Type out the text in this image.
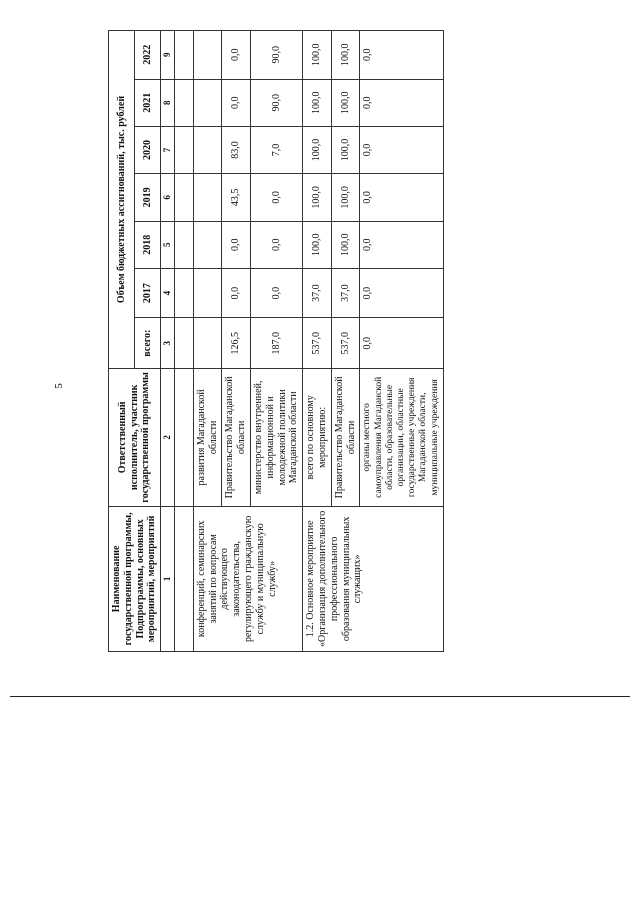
5
Наименование государственной программы, Подпрограммы, основных мероприятий, мероприятий	Ответственный исполнитель, участник государственной программы	Объем бюджетных ассигнований, тыс. рублей						
		всего:	2017	2018	2019	2020	2021	2022
1	2	3	4	5	6	7	8	9

конференций, семинарских занятий по вопросам действующего законодательства, регулирующего гражданскую службу и муниципальную службу»	развития Магаданской области							
	Правительство Магаданской области	126,5	0,0	0,0	43,5	83,0	0,0	0,0
	министерство внутренней, информационной и молодежной политики Магаданской области	187,0	0,0	0,0	0,0	7,0	90,0	90,0
1.2. Основное мероприятие «Организация дополнительного профессионального образования муниципальных служащих»	всего по основному мероприятию:	537,0	37,0	100,0	100,0	100,0	100,0	100,0
	Правительство Магаданской области	537,0	37,0	100,0	100,0	100,0	100,0	100,0
	органы местного самоуправления Магаданской области, образовательные организации, областные государственные учреждения Магаданской области, муниципальные учреждения	0,0	0,0	0,0	0,0	0,0	0,0	0,0
